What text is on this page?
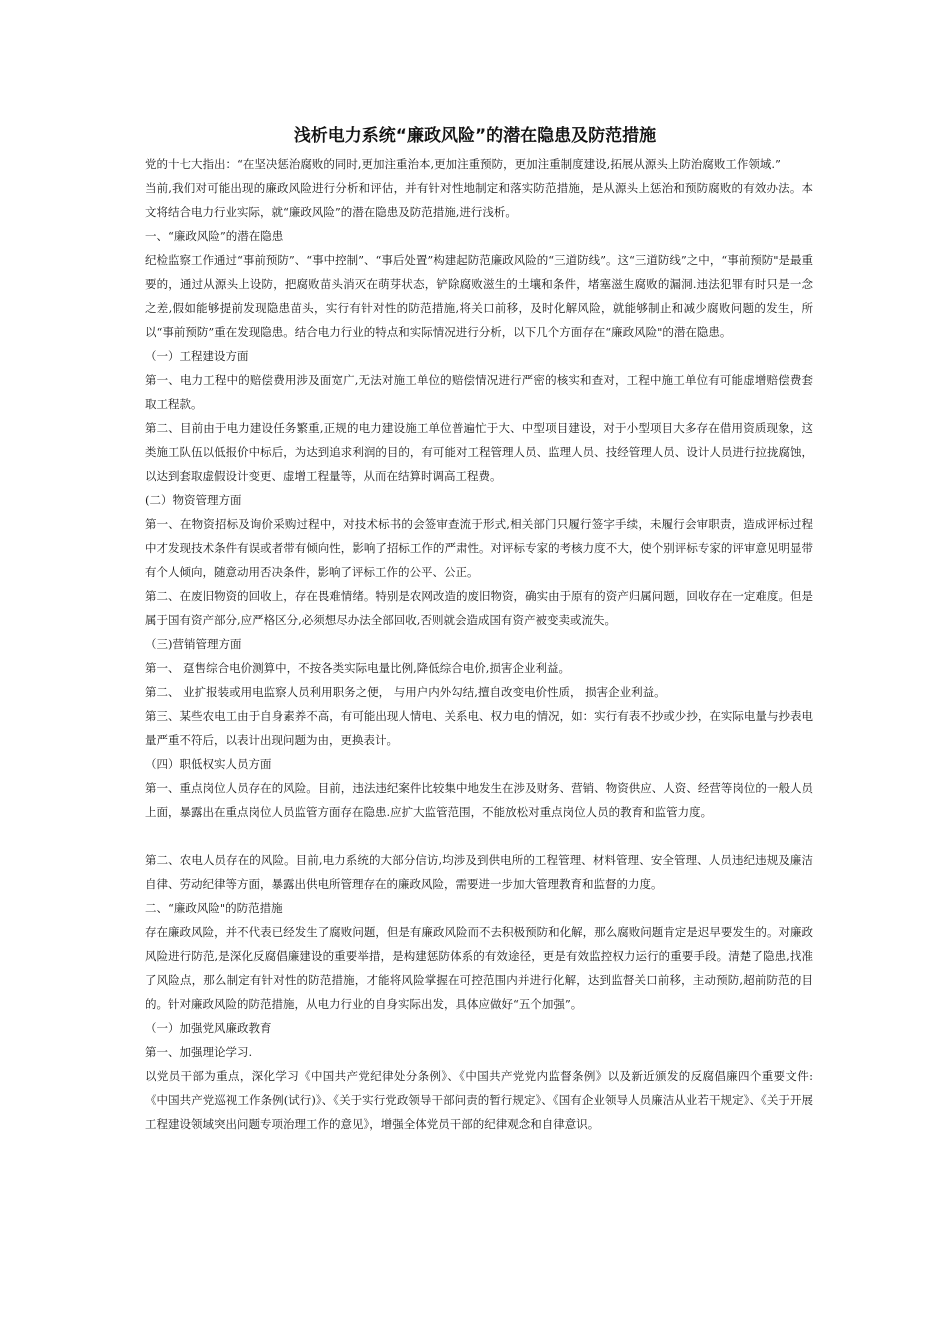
浅析电力系统“廉政风险”的潜在隐患及防范措施

党的十七大指出：“在坚决惩治腐败的同时,更加注重治本,更加注重预防，更加注重制度建设,拓展从源头上防治腐败工作领域.”

当前,我们对可能出现的廉政风险进行分析和评估，并有针对性地制定和落实防范措施，是从源头上惩治和预防腐败的有效办法。本文将结合电力行业实际，就“廉政风险”的潜在隐患及防范措施,进行浅析。

一、“廉政风险”的潜在隐患

纪检监察工作通过“事前预防”、“事中控制”、“事后处置”构建起防范廉政风险的“三道防线”。这“三道防线”之中，“事前预防"是最重要的，通过从源头上设防，把腐败苗头消灭在萌芽状态，铲除腐败滋生的土壤和条件，堵塞滋生腐败的漏洞.违法犯罪有时只是一念之差,假如能够提前发现隐患苗头，实行有针对性的防范措施,将关口前移，及时化解风险，就能够制止和减少腐败问题的发生，所以“事前预防”重在发现隐患。结合电力行业的特点和实际情况进行分析，以下几个方面存在“廉政风险"的潜在隐患。

（一）工程建设方面

第一、电力工程中的赔偿费用涉及面宽广,无法对施工单位的赔偿情况进行严密的核实和查对，工程中施工单位有可能虚增赔偿费套取工程款。

第二、目前由于电力建设任务繁重,正规的电力建设施工单位普遍忙于大、中型项目建设，对于小型项目大多存在借用资质现象，这类施工队伍以低报价中标后，为达到追求利润的目的，有可能对工程管理人员、监理人员、技经管理人员、设计人员进行拉拢腐蚀，以达到套取虚假设计变更、虚增工程量等，从而在结算时调高工程费。

(二）物资管理方面

第一、在物资招标及询价采购过程中，对技术标书的会签审查流于形式,相关部门只履行签字手续，未履行会审职责，造成评标过程中才发现技术条件有误或者带有倾向性，影响了招标工作的严肃性。对评标专家的考核力度不大，使个别评标专家的评审意见明显带有个人倾向，随意动用否决条件，影响了评标工作的公平、公正。

第二、在废旧物资的回收上，存在畏难情绪。特别是农网改造的废旧物资，确实由于原有的资产归属问题，回收存在一定难度。但是属于国有资产部分,应严格区分,必须想尽办法全部回收,否则就会造成国有资产被变卖或流失。

（三)营销管理方面

第一、 趸售综合电价测算中，不按各类实际电量比例,降低综合电价,损害企业利益。

第二、 业扩报装或用电监察人员利用职务之便， 与用户内外勾结,擅自改变电价性质， 损害企业利益。

第三、某些农电工由于自身素养不高，有可能出现人情电、关系电、权力电的情况，如：实行有表不抄或少抄，在实际电量与抄表电量严重不符后，以表计出现问题为由，更换表计。

（四）职低权实人员方面

第一、重点岗位人员存在的风险。目前，违法违纪案件比较集中地发生在涉及财务、营销、物资供应、人资、经营等岗位的一般人员上面，暴露出在重点岗位人员监管方面存在隐患.应扩大监管范围，不能放松对重点岗位人员的教育和监管力度。

第二、农电人员存在的风险。目前,电力系统的大部分信访,均涉及到供电所的工程管理、材料管理、安全管理、人员违纪违规及廉洁自律、劳动纪律等方面，暴露出供电所管理存在的廉政风险，需要进一步加大管理教育和监督的力度。

二、“廉政风险"的防范措施

存在廉政风险，并不代表已经发生了腐败问题，但是有廉政风险而不去积极预防和化解，那么腐败问题肯定是迟早要发生的。对廉政风险进行防范,是深化反腐倡廉建设的重要举措，是构建惩防体系的有效途径，更是有效监控权力运行的重要手段。清楚了隐患,找准了风险点，那么制定有针对性的防范措施，才能将风险掌握在可控范围内并进行化解，达到监督关口前移，主动预防,超前防范的目的。针对廉政风险的防范措施，从电力行业的自身实际出发，具体应做好“五个加强”。

（一）加强党风廉政教育

第一、加强理论学习.

以党员干部为重点，深化学习《中国共产党纪律处分条例》、《中国共产党党内监督条例》以及新近颁发的反腐倡廉四个重要文件:《中国共产党巡视工作条例(试行)》、《关于实行党政领导干部问责的暂行规定》、《国有企业领导人员廉洁从业若干规定》、《关于开展工程建设领域突出问题专项治理工作的意见》，增强全体党员干部的纪律观念和自律意识。
